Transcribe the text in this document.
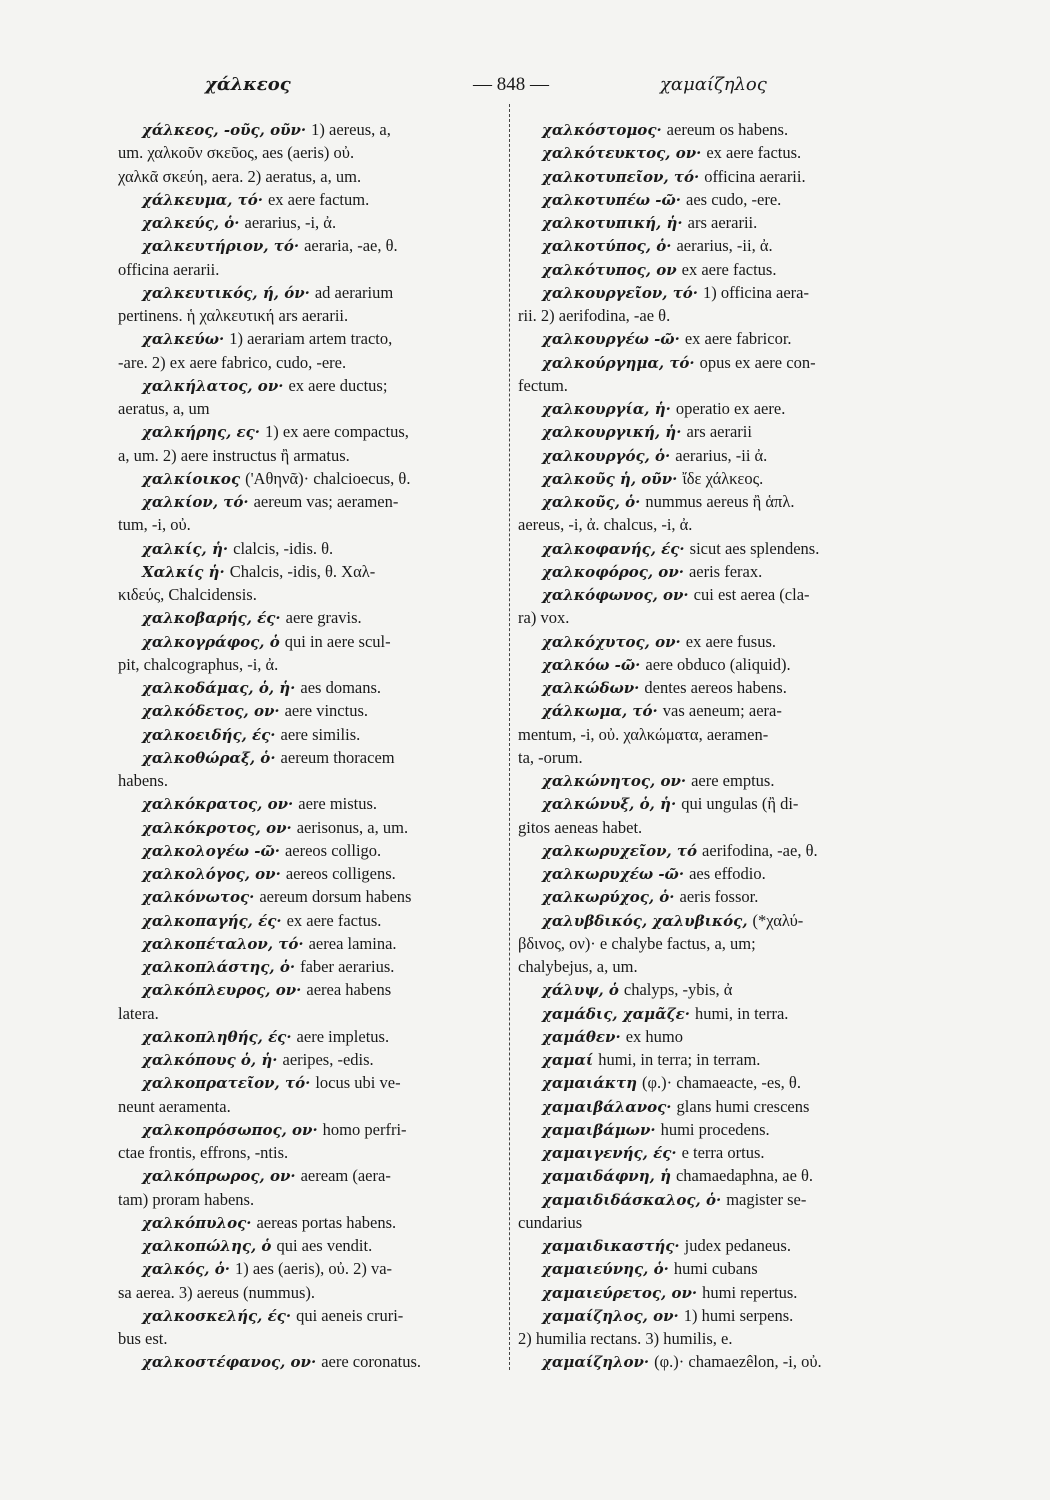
χάλκεος	— 848 —	χαμαίζηλος
χάλκεος, -οῦς, οῦν· 1) aereus, a,
um. χαλκοῦν σκεῦος, aes (aeris) οὐ.
χαλκᾶ σκεύη, aera. 2) aeratus, a, um.
χάλκευμα, τό· ex aere factum.
χαλκεύς, ὁ· aerarius, -i, ἀ.
χαλκευτήριον, τό· aeraria, -ae, θ.
officina aerarii.
χαλκευτικός, ή, όν· ad aerarium
pertinens. ἡ χαλκευτική ars aerarii.
χαλκεύω· 1) aerariam artem tracto,
-are. 2) ex aere fabrico, cudo, -ere.
χαλκήλατος, ον· ex aere ductus;
aeratus, a, um
χαλκήρης, ες· 1) ex aere compactus,
a, um. 2) aere instructus ἢ armatus.
χαλκίοικος ('Αθηνᾶ)· chalcioecus, θ.
χαλκίον, τό· aereum vas; aeramen-
tum, -i, οὐ.
χαλκίς, ἡ· clalcis, -idis. θ.
Χαλκίς ἡ· Chalcis, -idis, θ. Χαλ-
κιδεύς, Chalcidensis.
χαλκοβαρής, ές· aere gravis.
χαλκογράφος, ὁ qui in aere scul-
pit, chalcographus, -i, ἀ.
χαλκοδάμας, ὁ, ἡ· aes domans.
χαλκόδετος, ον· aere vinctus.
χαλκοειδής, ές· aere similis.
χαλκοθώραξ, ὁ· aereum thoracem
habens.
χαλκόκρατος, ον· aere mistus.
χαλκόκροτος, ον· aerisonus, a, um.
χαλκολογέω -ῶ· aereos colligo.
χαλκολόγος, ον· aereos colligens.
χαλκόνωτος· aereum dorsum habens
χαλκοπαγής, ές· ex aere factus.
χαλκοπέταλον, τό· aerea lamina.
χαλκοπλάστης, ὁ· faber aerarius.
χαλκόπλευρος, ον· aerea habens
latera.
χαλκοπληθής, ές· aere impletus.
χαλκόπους ὁ, ἡ· aeripes, -edis.
χαλκοπρατεῖον, τό· locus ubi ve-
neunt aeramenta.
χαλκοπρόσωπος, ον· homo perfri-
ctae frontis, effrons, -ntis.
χαλκόπρωρος, ον· aeream (aera-
tam) proram habens.
χαλκόπυλος· aereas portas habens.
χαλκοπώλης, ὁ qui aes vendit.
χαλκός, ὁ· 1) aes (aeris), οὐ. 2) va-
sa aerea. 3) aereus (nummus).
χαλκοσκελής, ές· qui aeneis cruri-
bus est.
χαλκοστέφανος, ον· aere coronatus.
χαλκόστομος· aereum os habens.
χαλκότευκτος, ον· ex aere factus.
χαλκοτυπεῖον, τό· officina aerarii.
χαλκοτυπέω -ῶ· aes cudo, -ere.
χαλκοτυπική, ἡ· ars aerarii.
χαλκοτύπος, ὁ· aerarius, -ii, ἀ.
χαλκότυπος, ον ex aere factus.
χαλκουργεῖον, τό· 1) officina aera-
rii. 2) aerifodina, -ae θ.
χαλκουργέω -ῶ· ex aere fabricor.
χαλκούργημα, τό· opus ex aere con-
fectum.
χαλκουργία, ἡ· operatio ex aere.
χαλκουργική, ἡ· ars aerarii
χαλκουργός, ὁ· aerarius, -ii ἀ.
χαλκοῦς ἡ, οῦν· ἴδε χάλκεος.
χαλκοῦς, ὁ· nummus aereus ἢ ἁπλ.
aereus, -i, ἀ. chalcus, -i, ἀ.
χαλκοφανής, ές· sicut aes splendens.
χαλκοφόρος, ον· aeris ferax.
χαλκόφωνος, ον· cui est aerea (cla-
ra) vox.
χαλκόχυτος, ον· ex aere fusus.
χαλκόω -ῶ· aere obduco (aliquid).
χαλκώδων· dentes aereos habens.
χάλκωμα, τό· vas aeneum; aera-
mentum, -i, οὐ. χαλκώματα, aeramen-
ta, -orum.
χαλκώνητος, ον· aere emptus.
χαλκώνυξ, ὁ, ἡ· qui ungulas (ἢ di-
gitos aeneas habet.
χαλκωρυχεῖον, τό aerifodina, -ae, θ.
χαλκωρυχέω -ῶ· aes effodio.
χαλκωρύχος, ὁ· aeris fossor.
χαλυβδικός, χαλυβικός, (*χαλύ-
βδινος, ον)· e chalybe factus, a, um;
chalybejus, a, um.
χάλυψ, ὁ chalyps, -ybis, ἀ
χαμάδις, χαμᾶζε· humi, in terra.
χαμάθεν· ex humo
χαμαί humi, in terra; in terram.
χαμαιάκτη (φ.)· chamaeacte, -es, θ.
χαμαιβάλανος· glans humi crescens
χαμαιβάμων· humi procedens.
χαμαιγενής, ές· e terra ortus.
χαμαιδάφνη, ἡ chamaedaphna, ae θ.
χαμαιδιδάσκαλος, ὁ· magister se-
cundarius
χαμαιδικαστής· judex pedaneus.
χαμαιεύνης, ὁ· humi cubans
χαμαιεύρετος, ον· humi repertus.
χαμαίζηλος, ον· 1) humi serpens.
2) humilia rectans. 3) humilis, e.
χαμαίζηλον· (φ.)· chamaezêlon, -i, οὐ.
